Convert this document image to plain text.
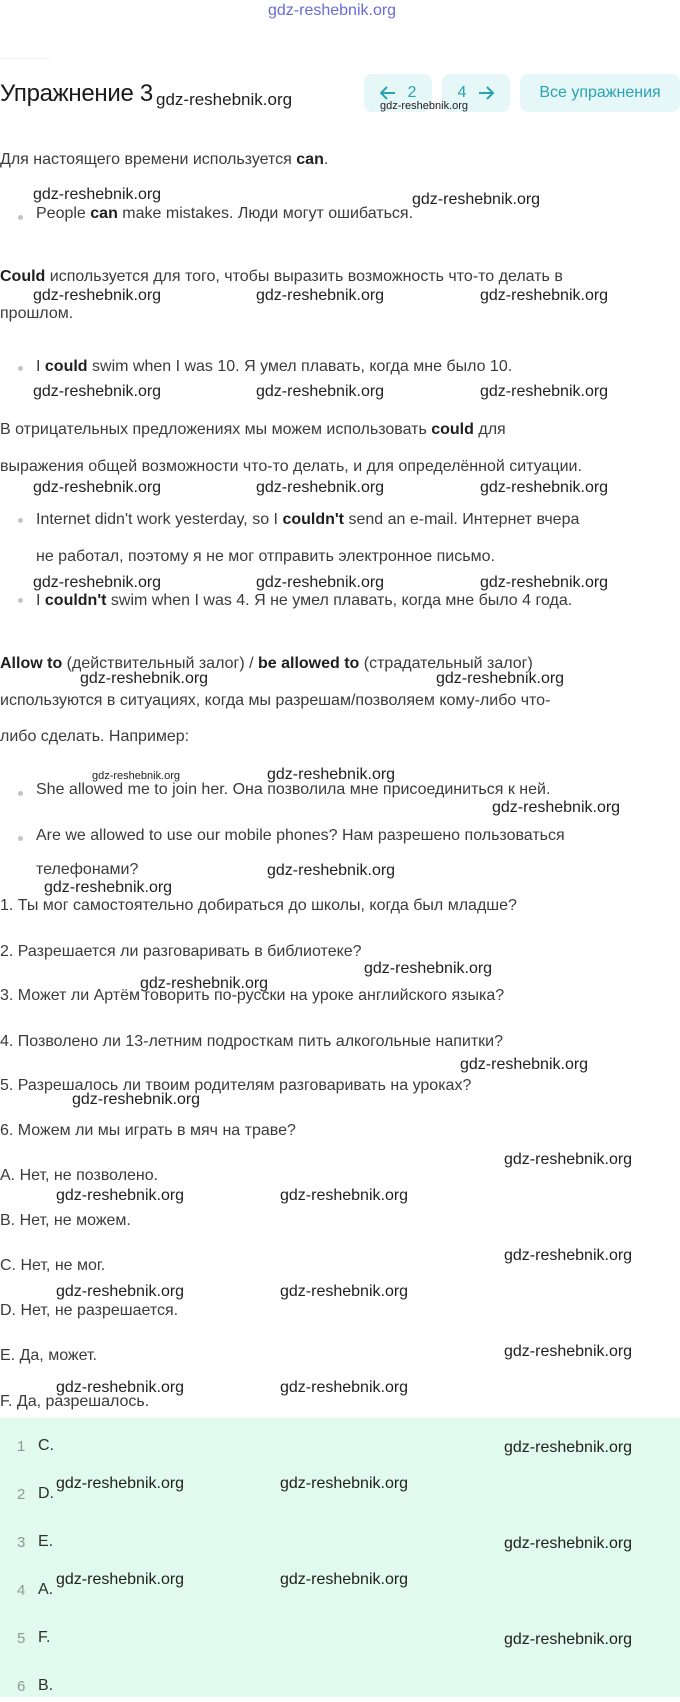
gdz-reshebnik.org
Упражнение 3 gdz-reshebnik.org	2	4
gdz-reshebnik.org
Все упражнения
Для настоящего времени используется can.
gdz-reshebnik.org	gdz-reshebnik.org
People can make mistakes. Люди могут ошибаться.
Could используется для того, чтобы выразить возможность что-то делать в
gdz-reshebnik.org	gdz-reshebnik.org	gdz-reshebnik.org
прошлом.
I could swim when I was 10. Я умел плавать, когда мне было 10.
gdz-reshebnik.org	gdz-reshebnik.org	gdz-reshebnik.org
В отрицательных предложениях мы можем использовать could для
выражения общей возможности что-то делать, и для определённой ситуации.
gdz-reshebnik.org	gdz-reshebnik.org	gdz-reshebnik.org
Internet didn't work yesterday, so I couldn't send an e-mail. Интернет вчера
не работал, поэтому я не мог отправить электронное письмо.
gdz-reshebnik.org	gdz-reshebnik.org	gdz-reshebnik.org
I couldn't swim when I was 4. Я не умел плавать, когда мне было 4 года.
Allow to (действительный залог) / be allowed to (страдательный залог)
gdz-reshebnik.org	gdz-reshebnik.org
используются в ситуациях, когда мы разрешам/позволяем кому-либо что-
либо сделать. Например:
gdz-reshebnik.org	gdz-reshebnik.org
She allowed me to join her. Она позволила мне присоединиться к ней.
gdz-reshebnik.org
Are we allowed to use our mobile phones? Нам разрешено пользоваться
телефонами?	gdz-reshebnik.org
gdz-reshebnik.org
1. Ты мог самостоятельно добираться до школы, когда был младше?
2. Разрешается ли разговаривать в библиотеке?
gdz-reshebnik.org
gdz-reshebnik.org
3. Может ли Артём говорить по-русски на уроке английского языка?
4. Позволено ли 13-летним подросткам пить алкогольные напитки?
gdz-reshebnik.org
5. Разрешалось ли твоим родителям разговаривать на уроках?
gdz-reshebnik.org
6. Можем ли мы играть в мяч на траве?
gdz-reshebnik.org
A. Нет, не позволено.
gdz-reshebnik.org	gdz-reshebnik.org
B. Нет, не можем.
gdz-reshebnik.org
C. Нет, не мог.
gdz-reshebnik.org	gdz-reshebnik.org
D. Нет, не разрешается.
gdz-reshebnik.org
E. Да, может.
gdz-reshebnik.org	gdz-reshebnik.org
F. Да, разрешалось.
1 C.
2 D.
3 E.
4 A.
5 F.
6 B.
gdz-reshebnik.org
gdz-reshebnik.org	gdz-reshebnik.org
gdz-reshebnik.org
gdz-reshebnik.org	gdz-reshebnik.org
gdz-reshebnik.org
